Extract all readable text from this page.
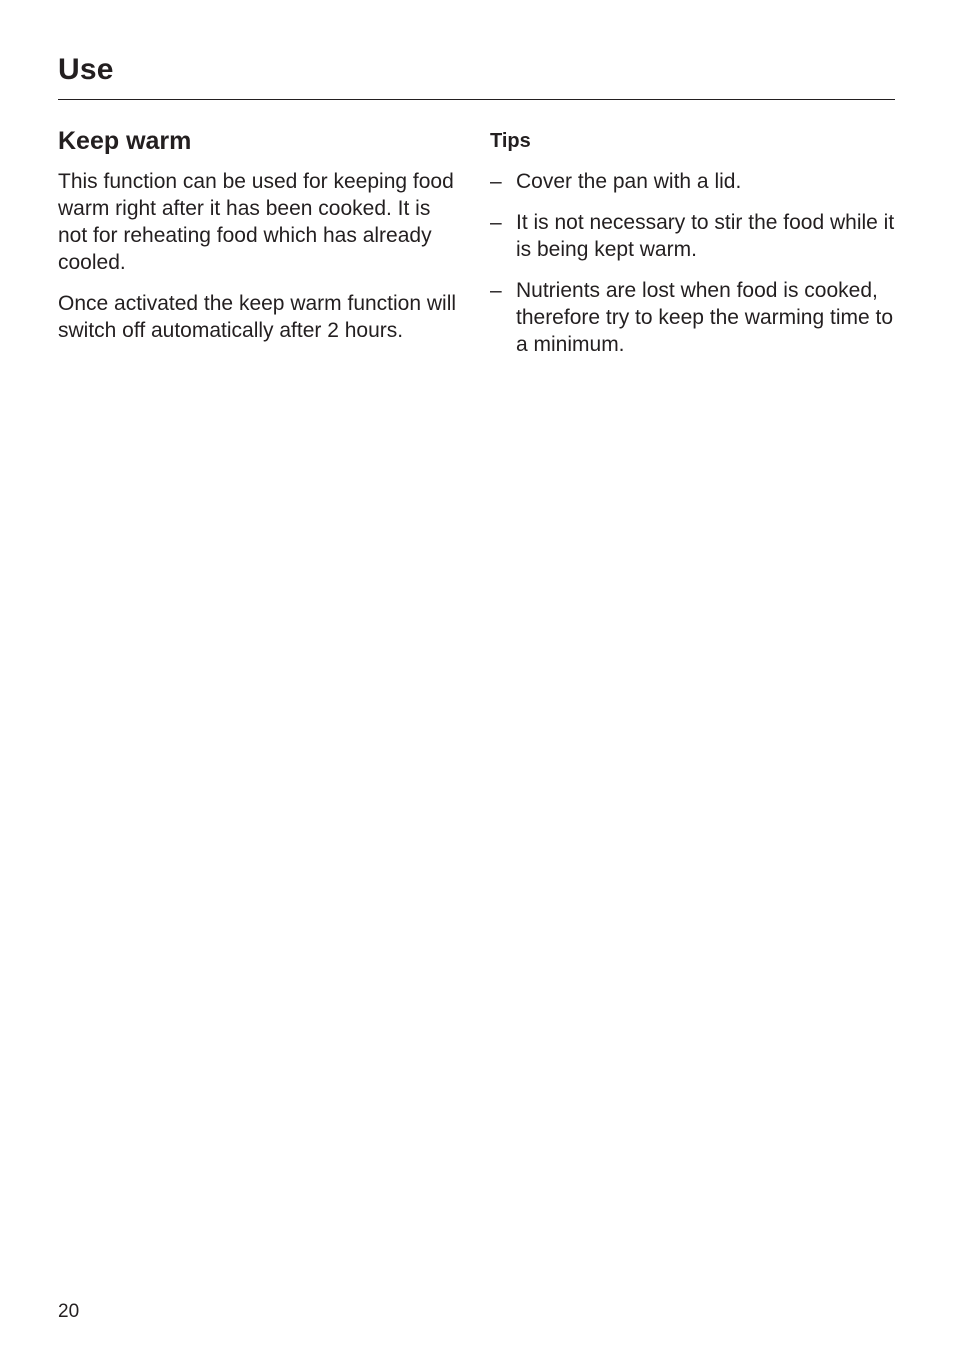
Use
Keep warm

This function can be used for keeping food warm right after it has been cooked. It is not for reheating food which has already cooled.

Once activated the keep warm function will switch off automatically after 2 hours.

Tips
– Cover the pan with a lid.
– It is not necessary to stir the food while it is being kept warm.
– Nutrients are lost when food is cooked, therefore try to keep the warming time to a minimum.
20
